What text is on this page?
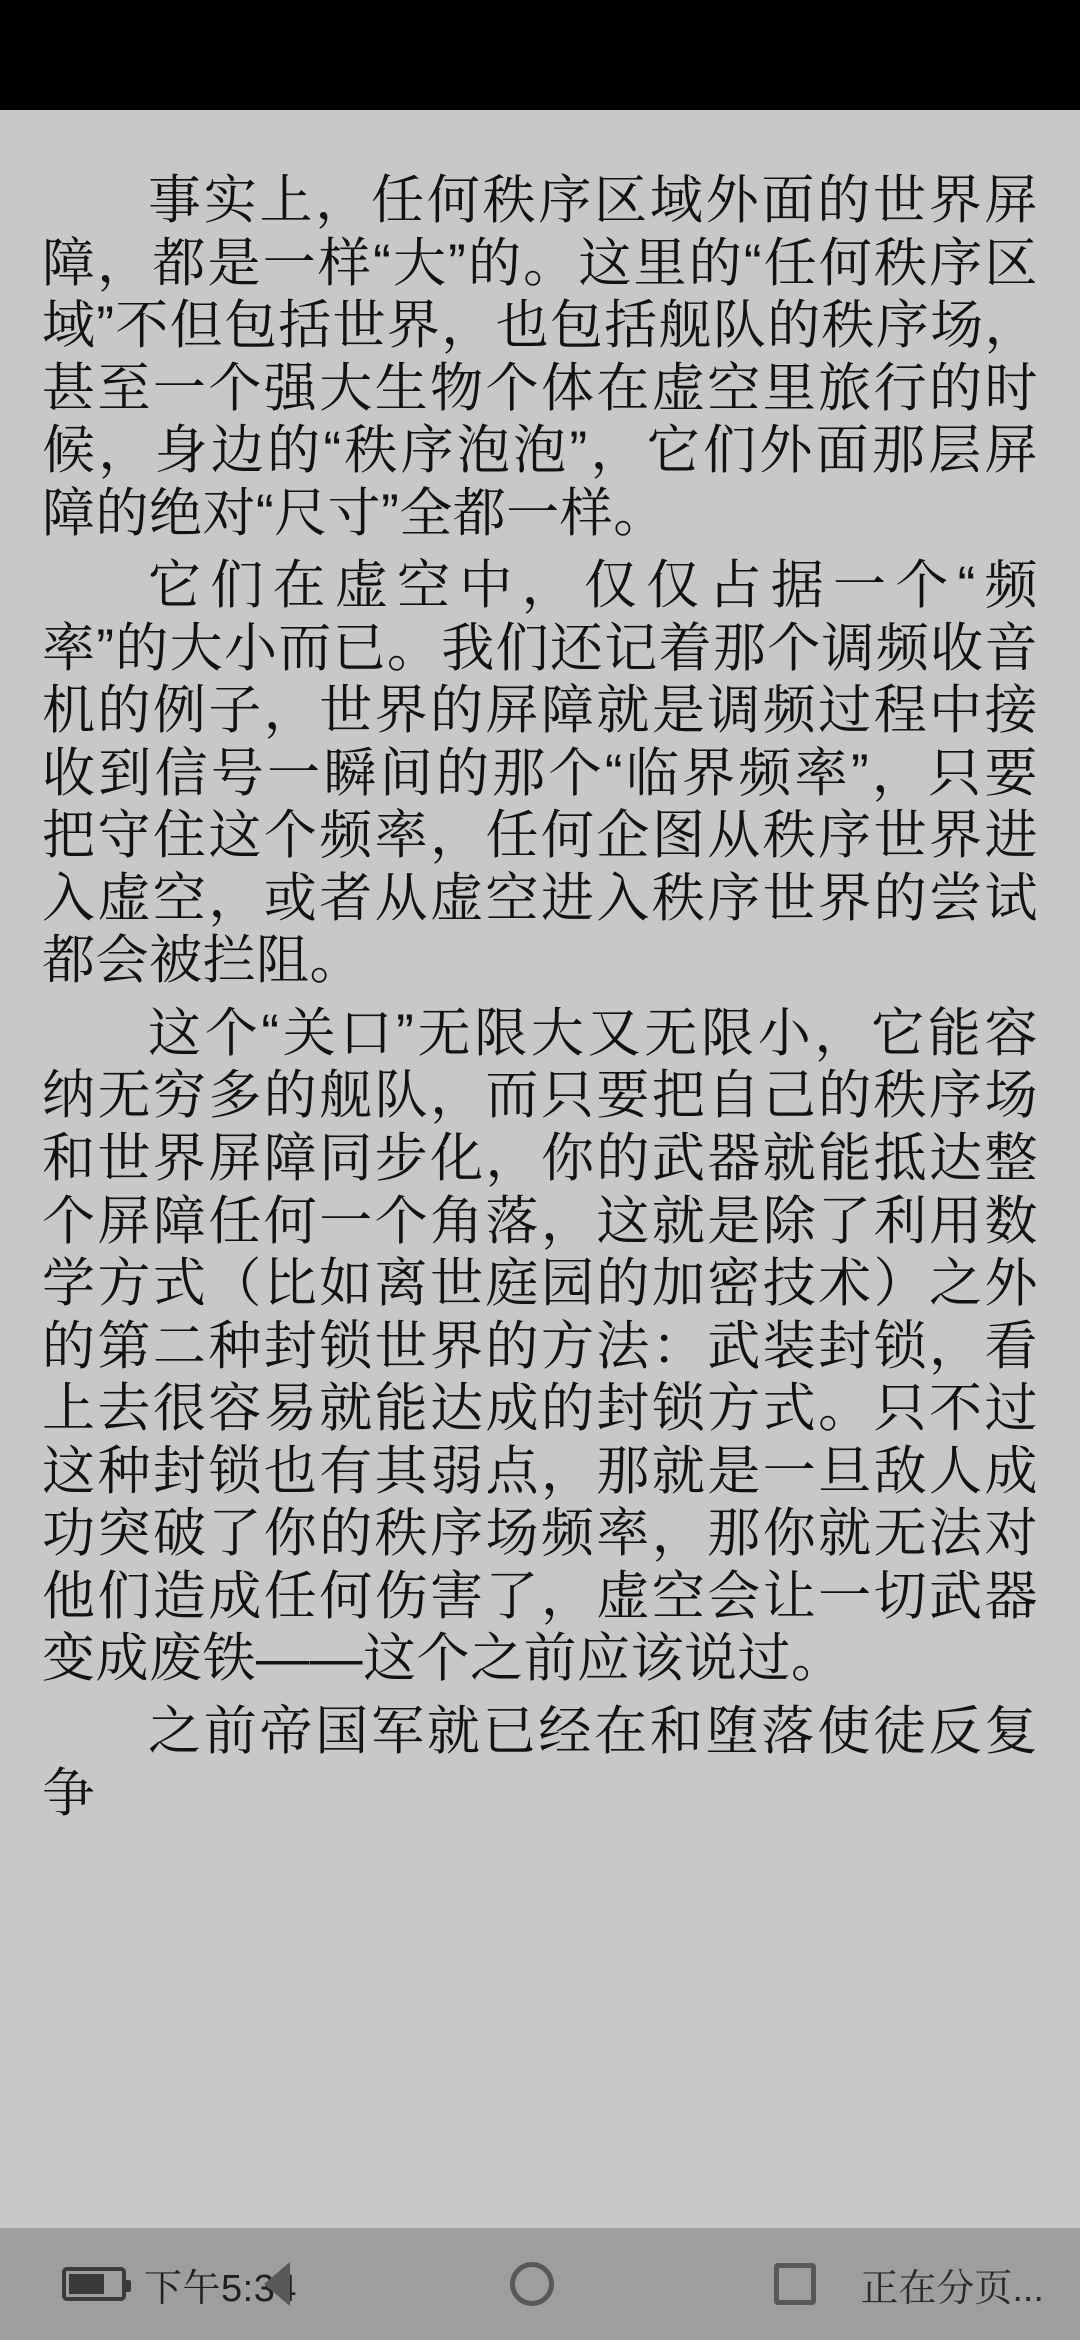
事实上，任何秩序区域外面的世界屏障，都是一样“大”的。这里的“任何秩序区域”不但包括世界，也包括舰队的秩序场，甚至一个强大生物个体在虚空里旅行的时候，身边的“秩序泡泡”，它们外面那层屏障的绝对“尺寸”全都一样。

它们在虚空中，仅仅占据一个“频率”的大小而已。我们还记着那个调频收音机的例子，世界的屏障就是调频过程中接收到信号一瞬间的那个“临界频率”，只要把守住这个频率，任何企图从秩序世界进入虚空，或者从虚空进入秩序世界的尝试都会被拦阻。

这个“关口”无限大又无限小，它能容纳无穷多的舰队，而只要把自己的秩序场和世界屏障同步化，你的武器就能抵达整个屏障任何一个角落，这就是除了利用数学方式（比如离世庭园的加密技术）之外的第二种封锁世界的方法：武装封锁，看上去很容易就能达成的封锁方式。只不过这种封锁也有其弱点，那就是一旦敌人成功突破了你的秩序场频率，那你就无法对他们造成任何伤害了，虚空会让一切武器变成废铁——这个之前应该说过。

之前帝国军就已经在和堕落使徒反复争

下午5:34	正在分页...
